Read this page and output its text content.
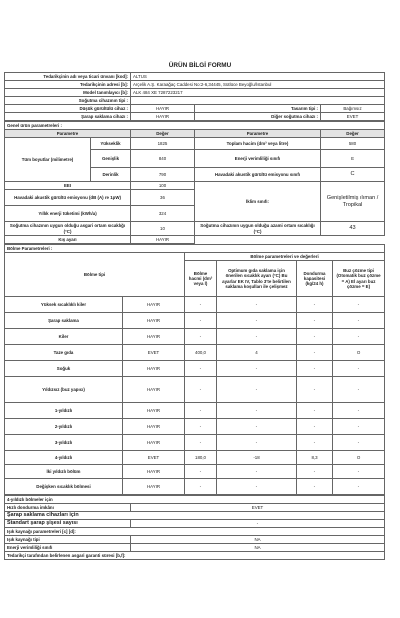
ÜRÜN BİLGİ FORMU
Tedarikçinin adı veya ticari ünvanı [kod]:	ALTUS		
Tedarikçinin adresi [b]:	Arçelik A.Ş. Karaağaç Caddesi No:2-6,34445, Sütlüce Beyoğlu/İstanbul		
Model tanımlayıcı [b]:	ALK 484 XE 7287223217		
Soğutma cihazının tipi :			
Düşük gürültülü cihaz :	HAYIR	Tasarım tipi :	Bağımsız
Şarap saklama cihazı :	HAYIR	Diğer soğutma cihazı :	EVET
Genel ürün parametreleri :				
Parametre		Değer	Parametre	Değer
Tüm boyutlar (milimetre)	Yükseklik	1825	Toplam hacim (dm³ veya litre)	580
	Genişlik	840	Enerji verimliliği sınıfı	E
	Derinlik	790	Havadaki akustik gürültü emisyonu sınıfı	C
EEI		100	İklim sınıfı:	Genişletilmiş ılıman / Tropikal
Havadaki akustik gürültü emisyonu (dB (A) re 1pW)		36		
Yıllık enerji tüketimi (kWh/a)		324		
Soğutma cihazının uygun olduğu asgari ortam sıcaklığı (°C)		10	Soğutma cihazının uygun olduğu azami ortam sıcaklığı (°C)	43
Kış ayarı		HAYIR		
Bölme Parametreleri :					
Bölme tipi		Bölme parametreleri ve değerleri			
		Bölme hacmi (dm³ veya l)	Optimum gıda saklama için önerilen sıcaklık ayarı (°C) Bu ayarlar EK IV, Tablo 3'te belirtilen saklama koşulları ile çelişmez	Dondurma kapasitesi (kg/24 h)	Buz çözme tipi (Otomatik buz çözme = A) El ayarı buz çözme = E)
Yüksek sıcaklıklı kiler	HAYIR	-	-	-	-
Şarap saklama	HAYIR	-	-	-	-
Kiler	HAYIR	-	-	-	-
Taze gıda	EVET	400,0	4	-	O
Soğuk	HAYIR	-	-	-	-
Yıldızsız (buz yapıcı)	HAYIR	-	-	-	-
1-yıldızlı	HAYIR	-	-	-	-
2-yıldızlı	HAYIR	-	-	-	-
3-yıldızlı	HAYIR	-	-	-	-
4-yıldızlı	EVET	180,0	-18	8,3	O
İki yıldızlı bölüm	HAYIR	-	-	-	-
Değişken sıcaklık bölmesi	HAYIR	-	-	-	-
4-yıldızlı bölmeler için	
Hızlı dondurma imkânı	EVET
Şarap saklama cihazları için	
Standart şarap şişesi sayısı	-
Işık kaynağı parametreleri [c] [d]:	
Işık kaynağı tipi	NA
Enerji verimliliği sınıfı	NA
Tedarikçi tarafından belirlenen asgari garanti süresi [b,f]:	
